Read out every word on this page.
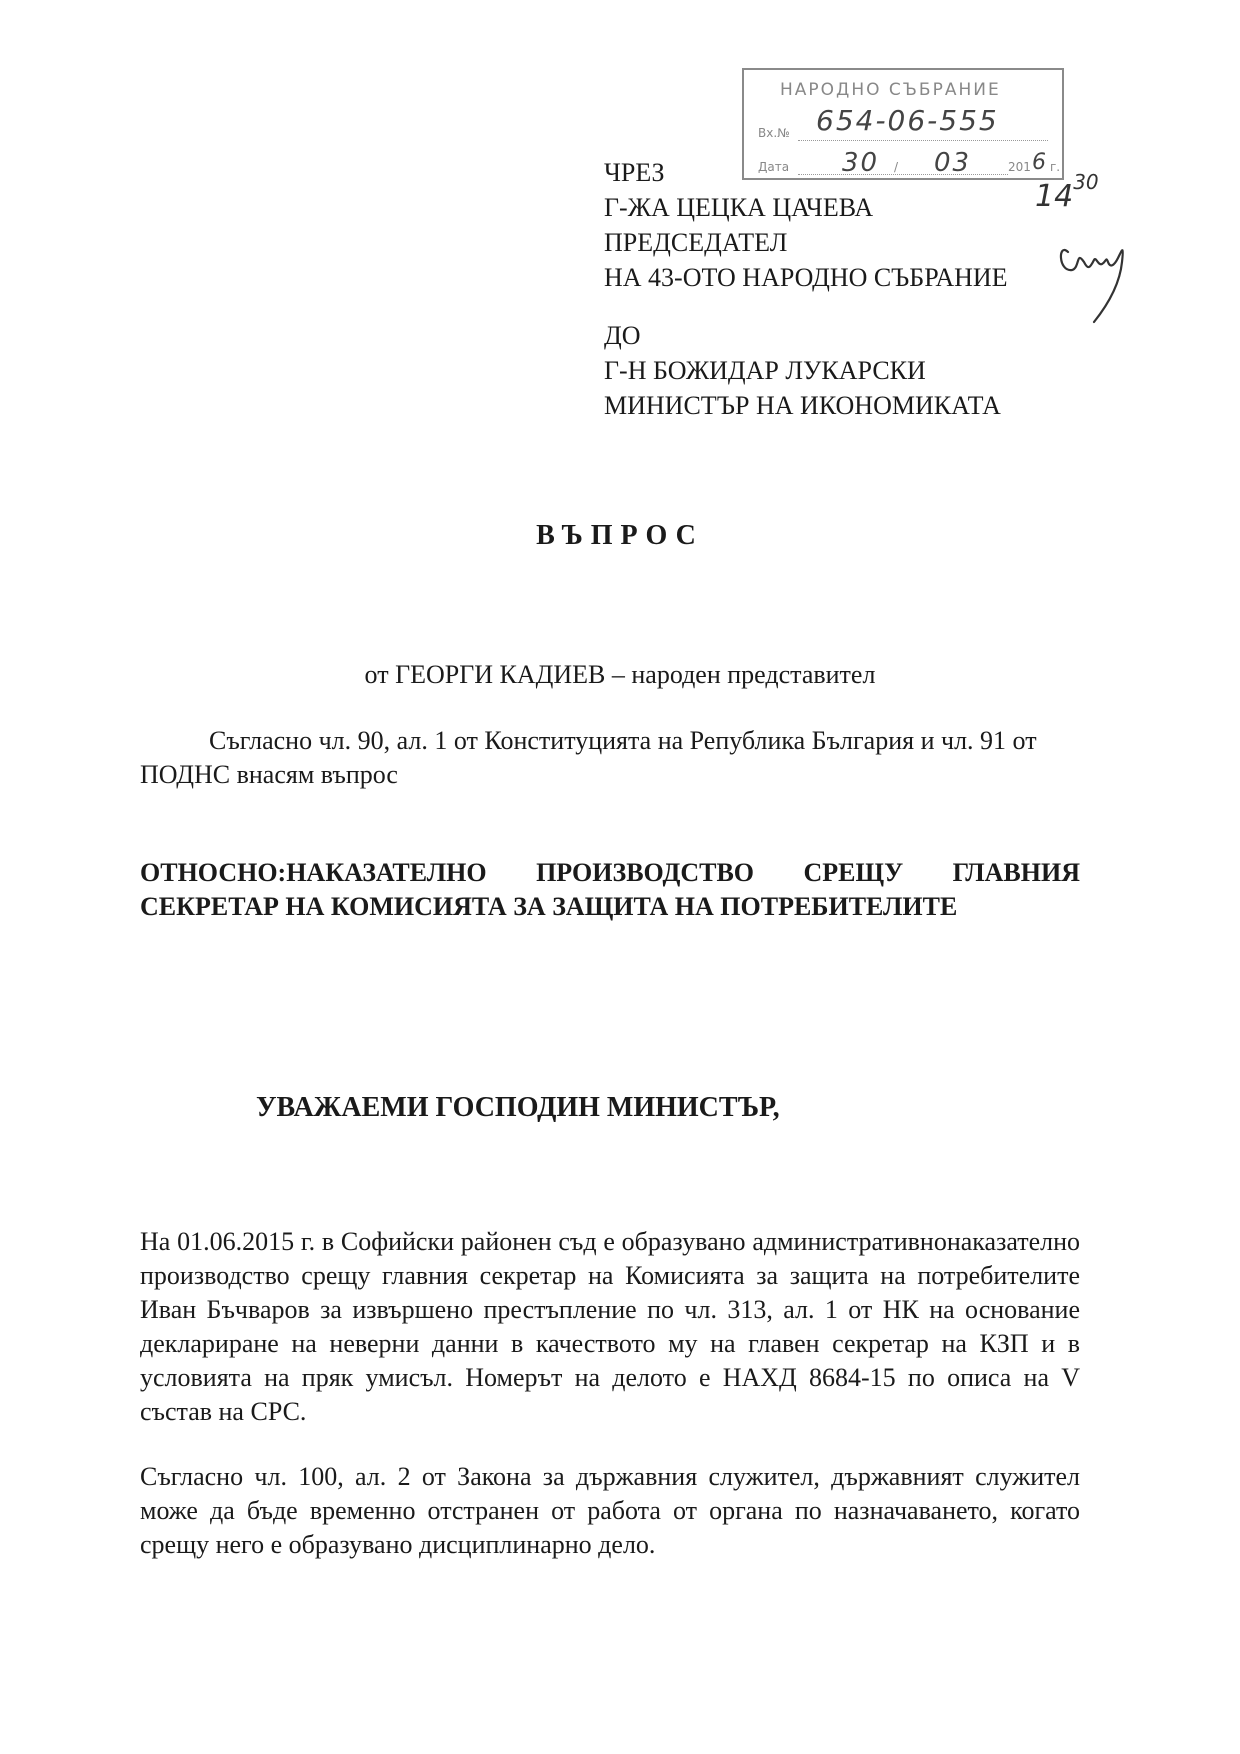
НАРОДНО СЪБРАНИЕ
Вх.№ 654-06-555
Дата 30 / 03	201 6 г.
$14^{30}$
ЧРЕЗ
Г-ЖА ЦЕЦКА ЦАЧЕВА
ПРЕДСЕДАТЕЛ
НА 43-ОТО НАРОДНО СЪБРАНИЕ
ДО
Г-Н БОЖИДАР ЛУКАРСКИ
МИНИСТЪР НА ИКОНОМИКАТА
ВЪПРОС
от ГЕОРГИ КАДИЕВ – народен представител
Съгласно чл. 90, ал. 1 от Конституцията на Република България и чл. 91 от ПОДНС внасям въпрос
ОТНОСНО:НАКАЗАТЕЛНО ПРОИЗВОДСТВО СРЕЩУ ГЛАВНИЯ
СЕКРЕТАР НА КОМИСИЯТА ЗА ЗАЩИТА НА ПОТРЕБИТЕЛИТЕ
УВАЖАЕМИ ГОСПОДИН МИНИСТЪР,
На 01.06.2015 г. в Софийски районен съд е образувано административнонаказателно производство срещу главния секретар на Комисията за защита на потребителите Иван Бъчваров за извършено престъпление по чл. 313, ал. 1 от НК на основание деклариране на неверни данни в качеството му на главен секретар на КЗП и в условията на пряк умисъл. Номерът на делото е НАХД 8684-15 по описа на V състав на СРС.
Съгласно чл. 100, ал. 2 от Закона за държавния служител, държавният служител може да бъде временно отстранен от работа от органа по назначаването, когато срещу него е образувано дисциплинарно дело.
